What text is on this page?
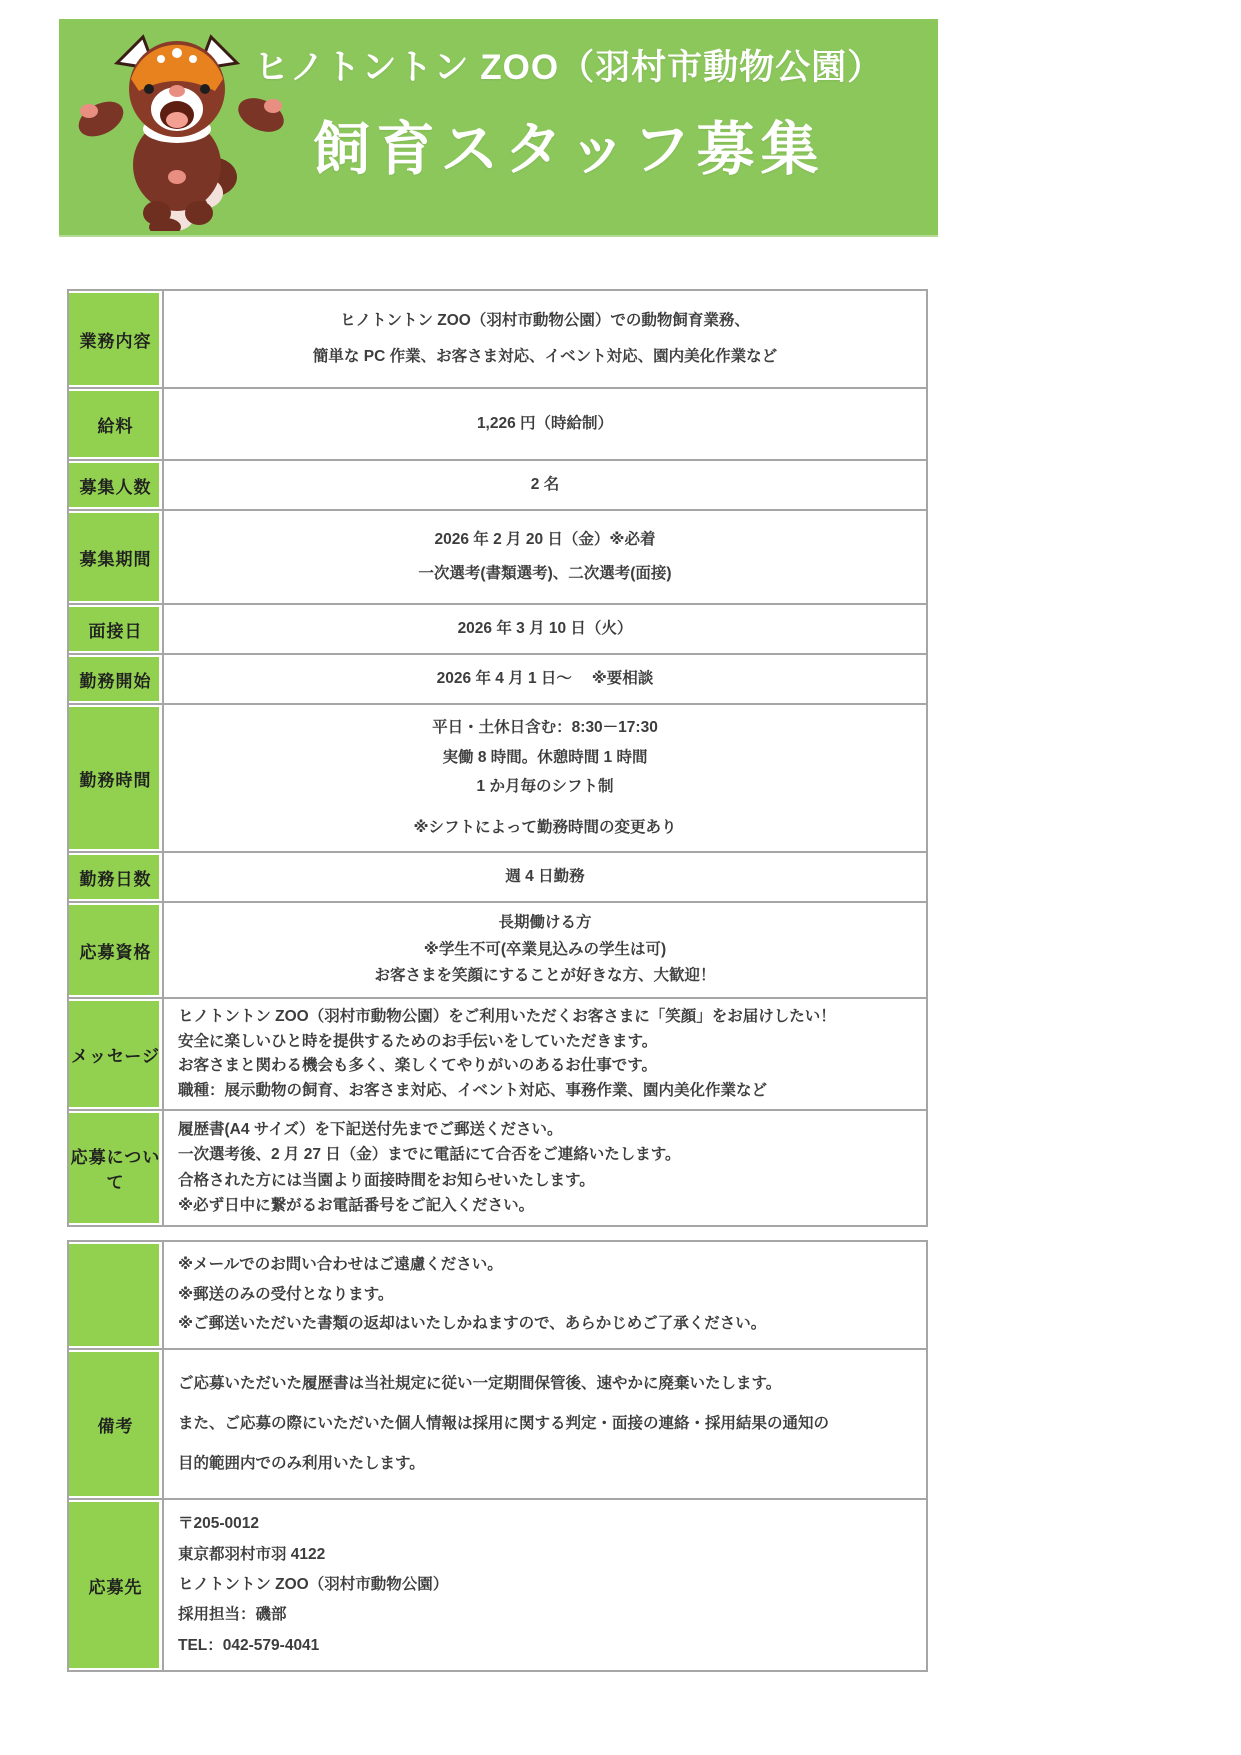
ヒノトントン ZOO（羽村市動物公園）
飼育スタッフ募集
業務内容	ヒノトントン ZOO（羽村市動物公園）での動物飼育業務、
簡単な PC 作業、お客さま対応、イベント対応、園内美化作業など

給料	1,226 円（時給制）

募集人数	2 名

募集期間	2026 年 2 月 20 日（金）※必着
一次選考(書類選考)、二次選考(面接)

面接日	2026 年 3 月 10 日（火）

勤務開始	2026 年 4 月 1 日～　 ※要相談

勤務時間	平日・土休日含む：8:30－17:30
実働 8 時間。休憩時間 1 時間
1 か月毎のシフト制
※シフトによって勤務時間の変更あり

勤務日数	週 4 日勤務

応募資格	長期働ける方
※学生不可(卒業見込みの学生は可)
お客さまを笑顔にすることが好きな方、大歓迎！

メッセージ	ヒノトントン ZOO（羽村市動物公園）をご利用いただくお客さまに「笑顔」をお届けしたい！
安全に楽しいひと時を提供するためのお手伝いをしていただきます。
お客さまと関わる機会も多く、楽しくてやりがいのあるお仕事です。
職種：展示動物の飼育、お客さま対応、イベント対応、事務作業、園内美化作業など

応募について	履歴書(A4 サイズ）を下記送付先までご郵送ください。
一次選考後、2 月 27 日（金）までに電話にて合否をご連絡いたします。
合格された方には当園より面接時間をお知らせいたします。
※必ず日中に繋がるお電話番号をご記入ください。

	※メールでのお問い合わせはご遠慮ください。
※郵送のみの受付となります。
※ご郵送いただいた書類の返却はいたしかねますので、あらかじめご了承ください。

備考	ご応募いただいた履歴書は当社規定に従い一定期間保管後、速やかに廃棄いたします。
また、ご応募の際にいただいた個人情報は採用に関する判定・面接の連絡・採用結果の通知の
目的範囲内でのみ利用いたします。

応募先	〒205-0012
東京都羽村市羽 4122
ヒノトントン ZOO（羽村市動物公園）
採用担当：磯部
TEL：042-579-4041
